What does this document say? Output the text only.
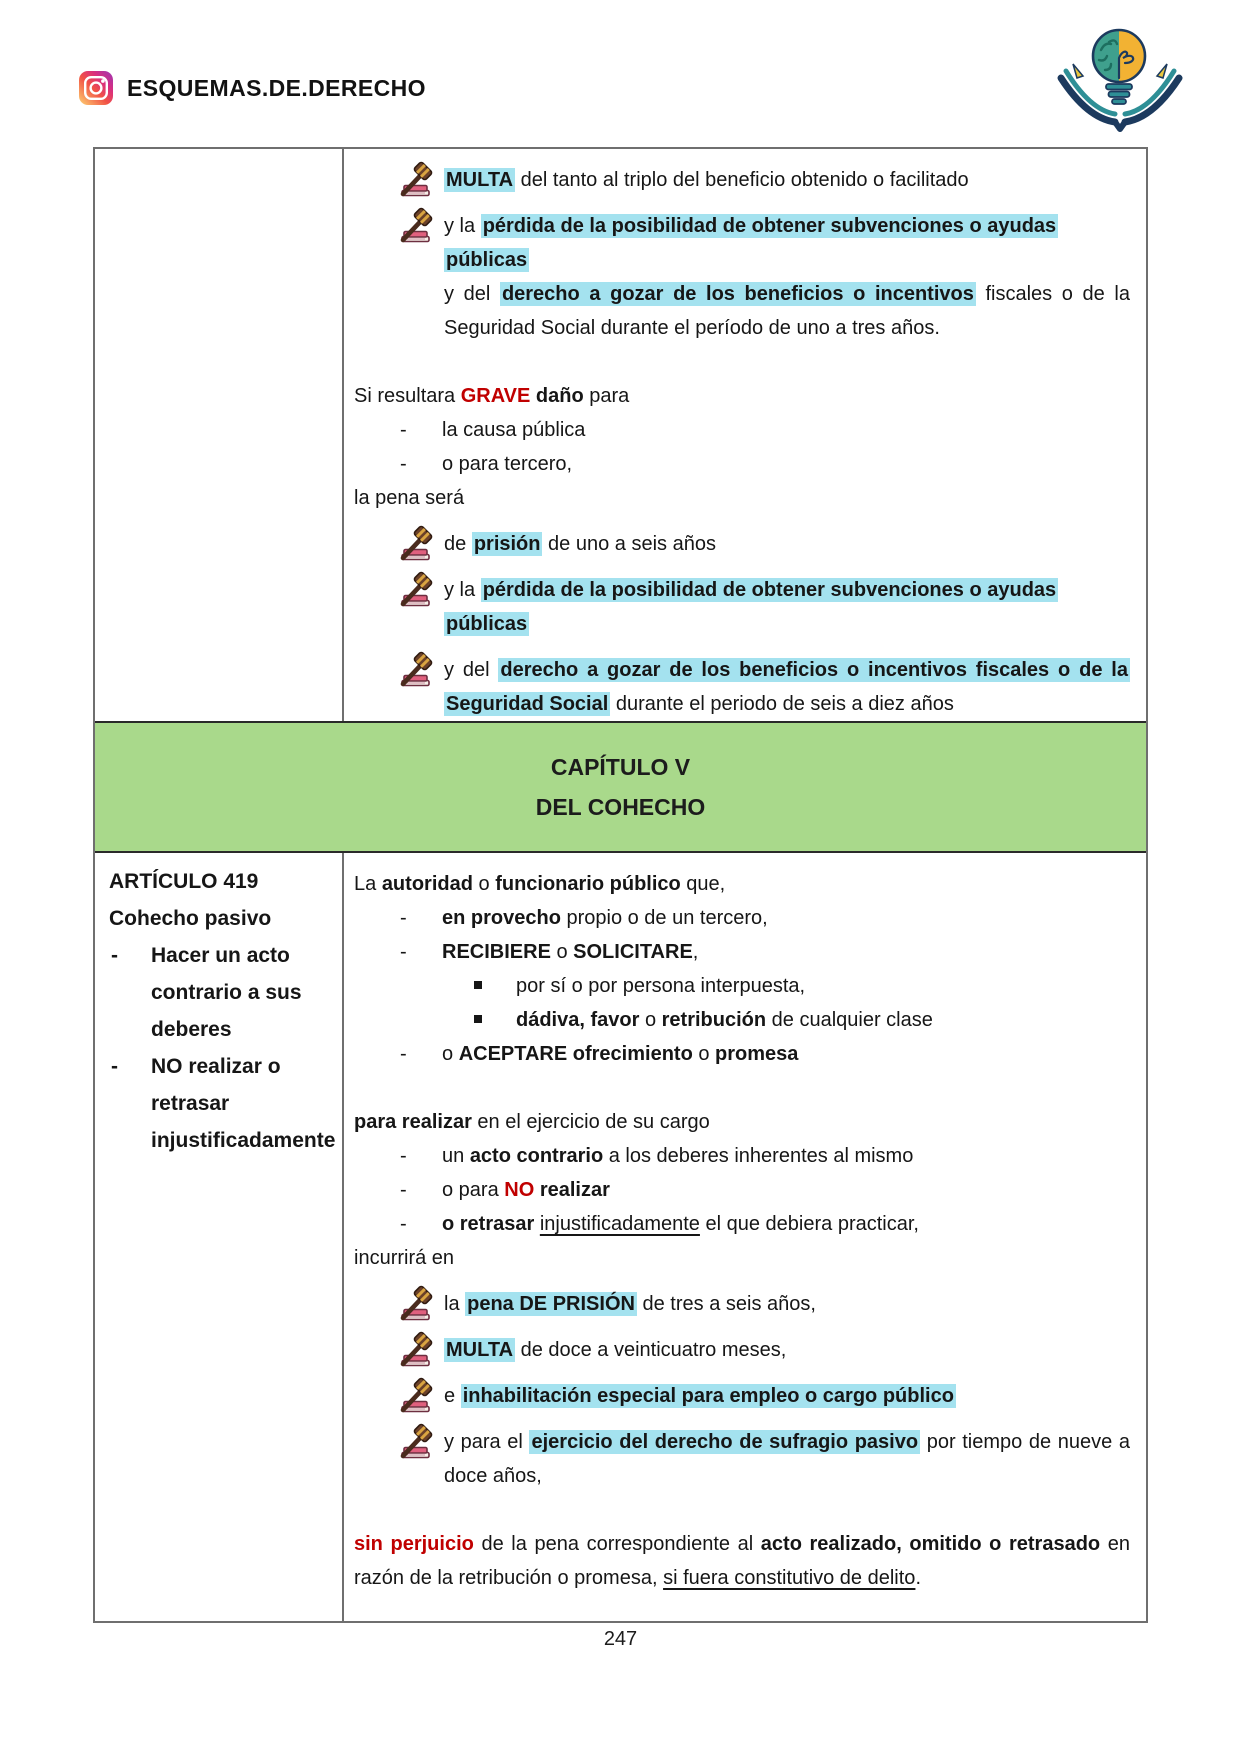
ESQUEMAS.DE.DERECHO
MULTA del tanto al triplo del beneficio obtenido o facilitado
y la pérdida de la posibilidad de obtener subvenciones o ayudas públicas
y del derecho a gozar de los beneficios o incentivos fiscales o de la Seguridad Social durante el período de uno a tres años.
Si resultara GRAVE daño para
- la causa pública
- o para tercero,
la pena será
de prisión de uno a seis años
y la pérdida de la posibilidad de obtener subvenciones o ayudas públicas
y del derecho a gozar de los beneficios o incentivos fiscales o de la Seguridad Social durante el periodo de seis a diez años
CAPÍTULO V
DEL COHECHO
ARTÍCULO 419
Cohecho pasivo
- Hacer un acto contrario a sus deberes
- NO realizar o retrasar injustificadamente
La autoridad o funcionario público que,
- en provecho propio o de un tercero,
- RECIBIERE o SOLICITARE,
por sí o por persona interpuesta,
dádiva, favor o retribución de cualquier clase
- o ACEPTARE ofrecimiento o promesa
para realizar en el ejercicio de su cargo
- un acto contrario a los deberes inherentes al mismo
- o para NO realizar
- o retrasar injustificadamente el que debiera practicar,
incurrirá en
la pena DE PRISIÓN de tres a seis años,
MULTA de doce a veinticuatro meses,
e inhabilitación especial para empleo o cargo público
y para el ejercicio del derecho de sufragio pasivo por tiempo de nueve a doce años,
sin perjuicio de la pena correspondiente al acto realizado, omitido o retrasado en razón de la retribución o promesa, si fuera constitutivo de delito.
247
